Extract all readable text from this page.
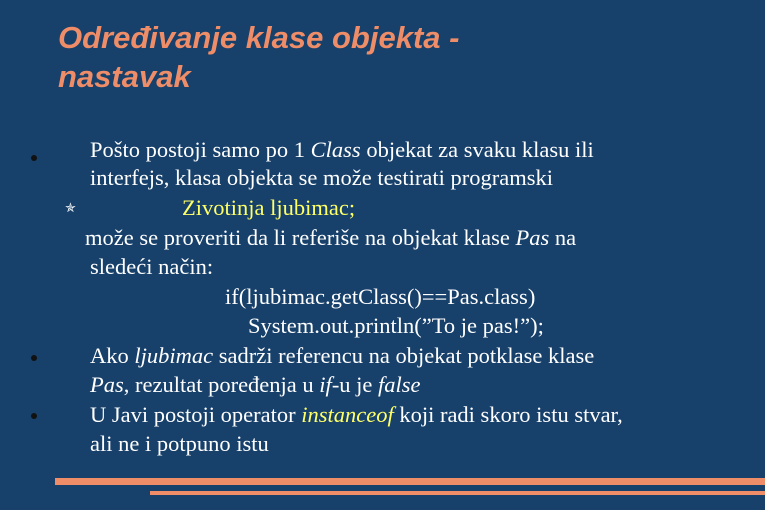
Određivanje klase objekta -
nastavak
Pošto postoji samo po 1 Class objekat za svaku klasu ili
interfejs, klasa objekta se može testirati programski
✯	Zivotinja ljubimac;
može se proveriti da li referiše na objekat klase Pas na
sledeći način:
if(ljubimac.getClass()==Pas.class)
System.out.println(”To je pas!”);
Ako ljubimac sadrži referencu na objekat potklase klase
Pas, rezultat poređenja u if-u je false
U Javi postoji operator instanceof koji radi skoro istu stvar,
ali ne i potpuno istu
